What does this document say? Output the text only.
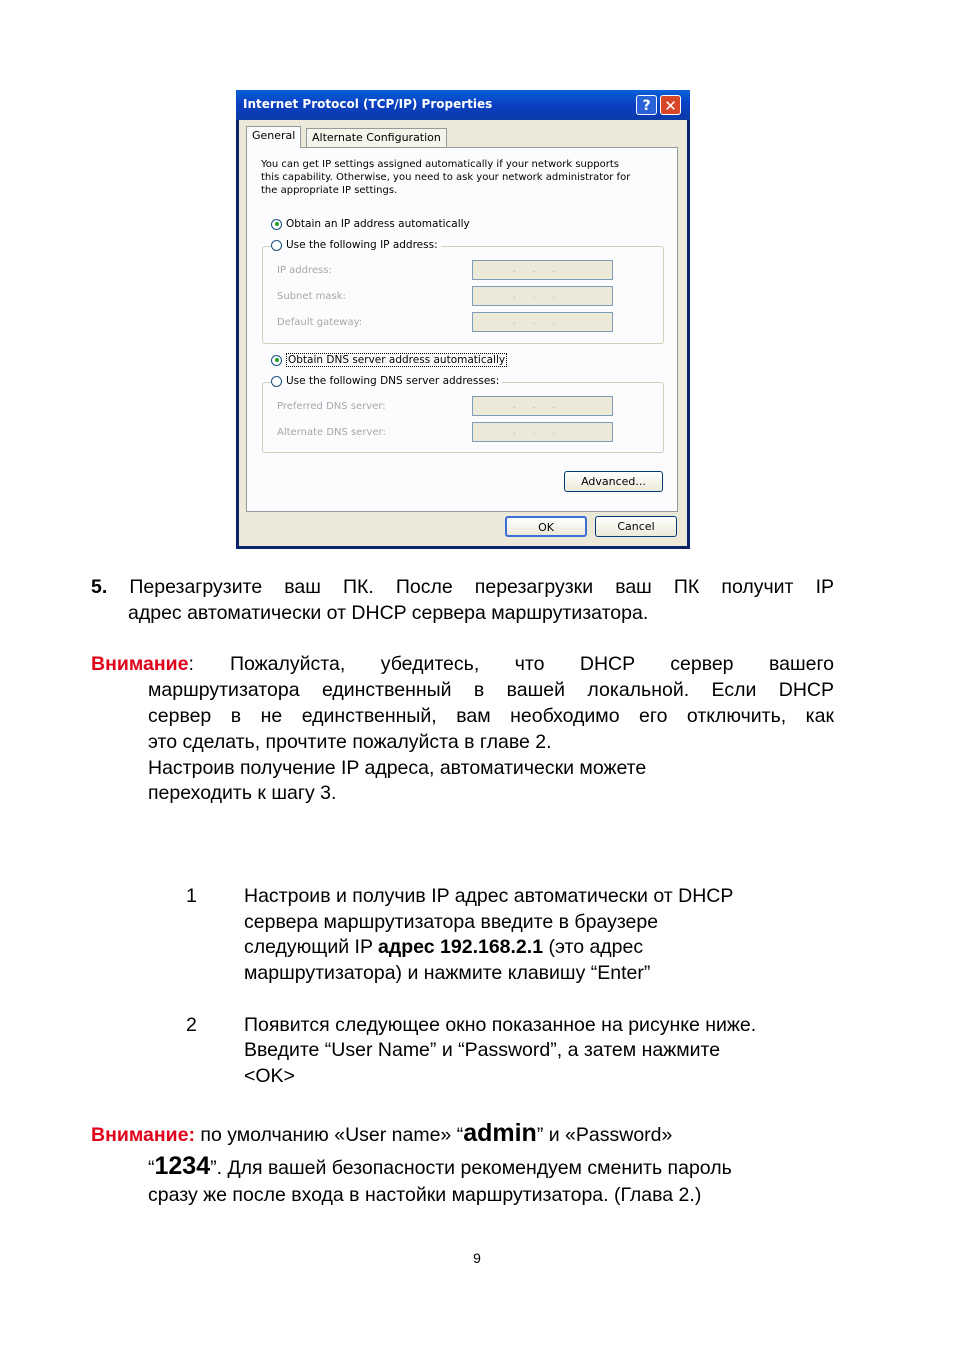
Internet Protocol (TCP/IP) Properties	? ✕
General	Alternate Configuration
You can get IP settings assigned automatically if your network supports
this capability. Otherwise, you need to ask your network administrator for
the appropriate IP settings.
Obtain an IP address automatically
Use the following IP address:
IP address:	...
Subnet mask:	...
Default gateway:	...
Obtain DNS server address automatically
Use the following DNS server addresses:
Preferred DNS server:	...
Alternate DNS server:	...
Advanced...
OK	Cancel
5. Перезагрузите ваш ПК. После перезагрузки ваш ПК получит IP
адрес автоматически от DHCP сервера маршрутизатора.
Внимание: Пожалуйста, убедитесь, что DHCP сервер вашего
маршрутизатора единственный в вашей локальной. Если DHCP
сервер в не единственный, вам необходимо его отключить, как
это сделать, прочтите пожалуйста в главе 2.
Настроив получение IP адреса, автоматически можете
переходить к шагу 3.
1 Настроив и получив IP адрес автоматически от DHCP
сервера маршрутизатора введите в браузере
следующий IP адрес 192.168.2.1 (это адрес
маршрутизатора) и нажмите клавишу “Enter”
2 Появится следующее окно показанное на рисунке ниже.
Введите “User Name” и “Password”, а затем нажмите
<OK>
Внимание: по умолчанию «User name» “admin” и «Password»
“1234”. Для вашей безопасности рекомендуем сменить пароль
сразу же после входа в настойки маршрутизатора. (Глава 2.)
9
